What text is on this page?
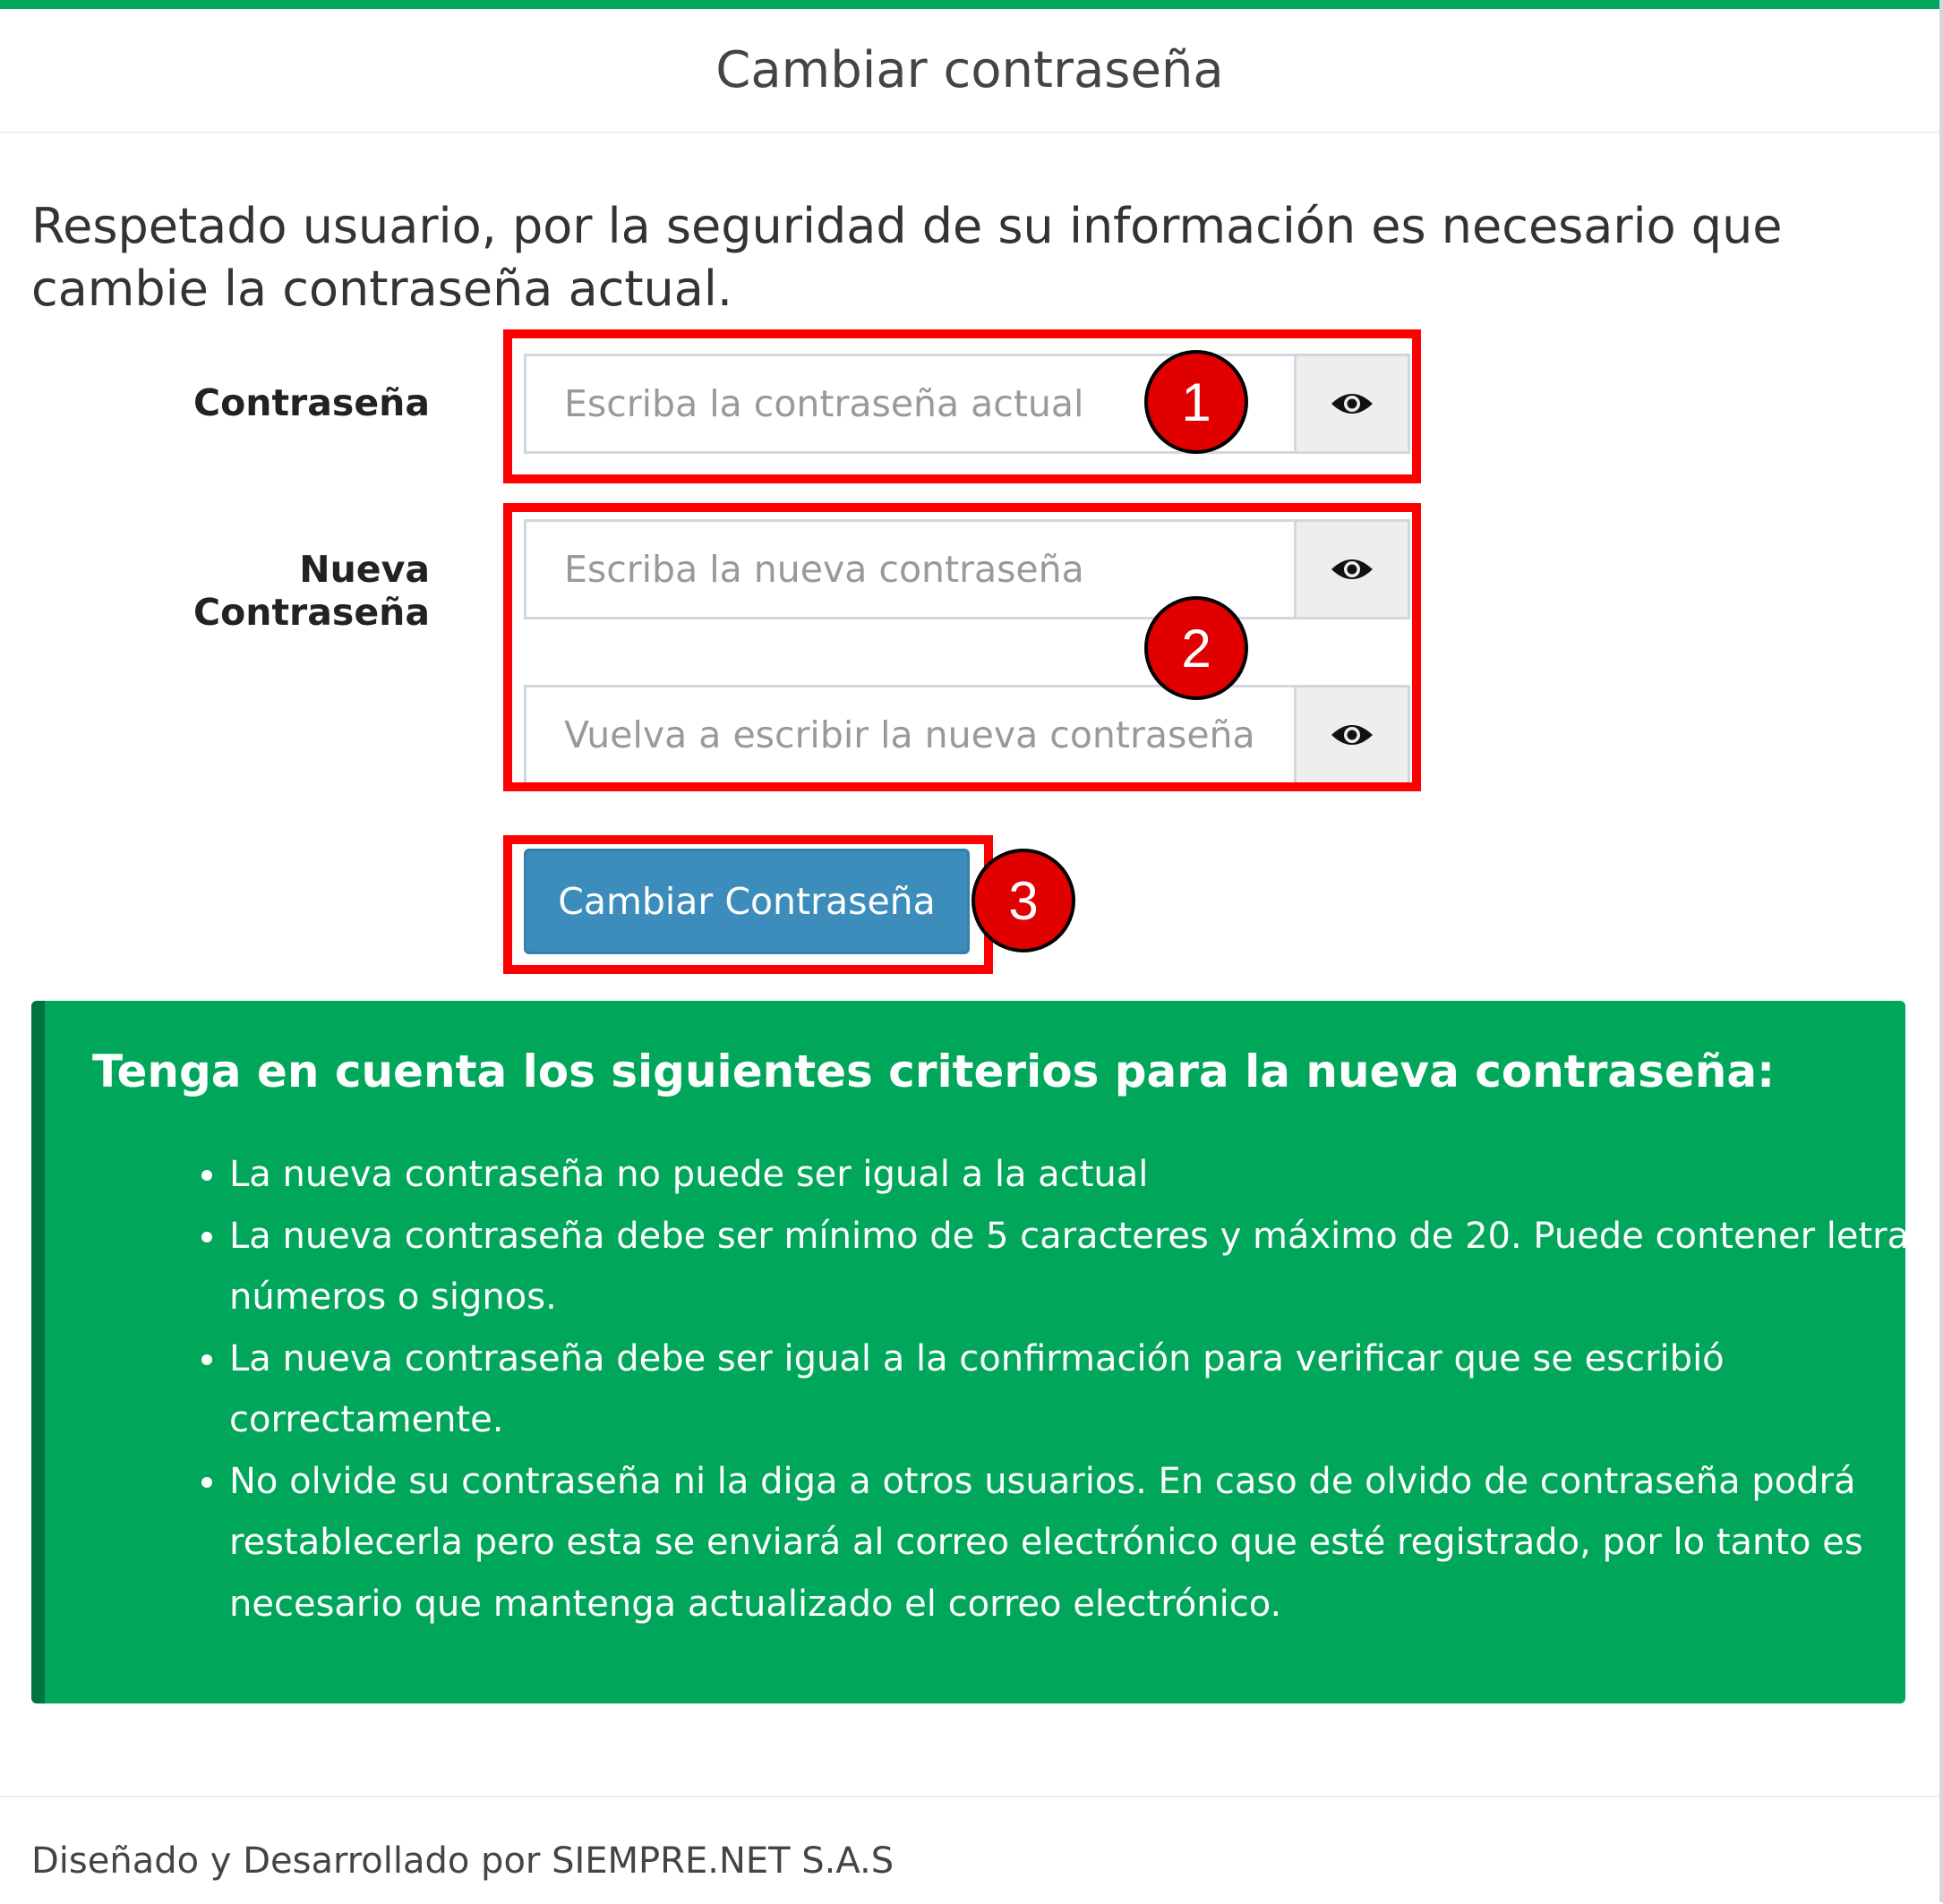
Cambiar contraseña
Respetado usuario, por la seguridad de su información es necesario que cambie la contraseña actual.
Contraseña
Nueva Contraseña
Cambiar Contraseña
1
2
3
Tenga en cuenta los siguientes criterios para la nueva contraseña:
• La nueva contraseña no puede ser igual a la actual
• La nueva contraseña debe ser mínimo de 5 caracteres y máximo de 20. Puede contener letras, números o signos.
• La nueva contraseña debe ser igual a la confirmación para verificar que se escribió correctamente.
• No olvide su contraseña ni la diga a otros usuarios. En caso de olvido de contraseña podrá restablecerla pero esta se enviará al correo electrónico que esté registrado, por lo tanto es necesario que mantenga actualizado el correo electrónico.
Diseñado y Desarrollado por SIEMPRE.NET S.A.S
